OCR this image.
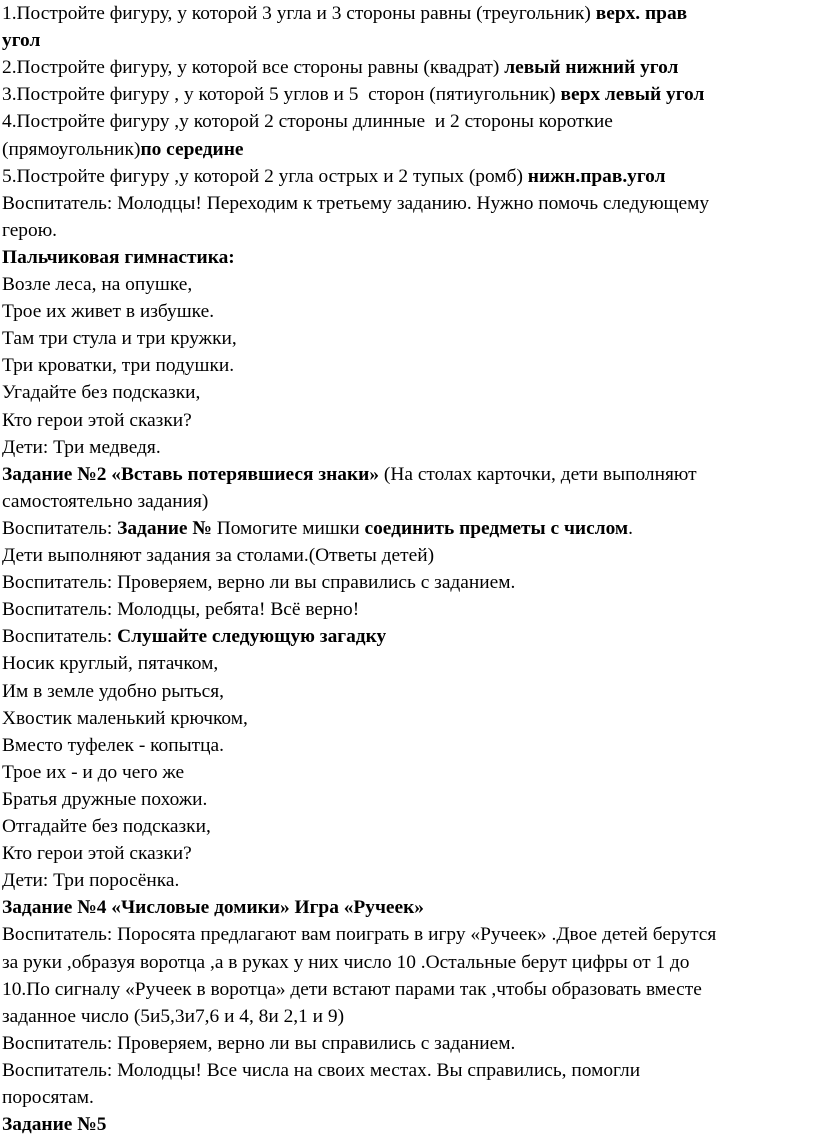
1.Постройте фигуру, у которой 3 угла и 3 стороны равны (треугольник) верх. прав
угол
2.Постройте фигуру, у которой все стороны равны (квадрат) левый нижний угол
3.Постройте фигуру , у которой 5 углов и 5  сторон (пятиугольник) верх левый угол
4.Постройте фигуру ,у которой 2 стороны длинные  и 2 стороны короткие
(прямоугольник)по середине
5.Постройте фигуру ,у которой 2 угла острых и 2 тупых (ромб) нижн.прав.угол
Воспитатель: Молодцы! Переходим к третьему заданию. Нужно помочь следующему
герою.
Пальчиковая гимнастика:
Возле леса, на опушке,
Трое их живет в избушке.
Там три стула и три кружки,
Три кроватки, три подушки.
Угадайте без подсказки,
Кто герои этой сказки?
Дети: Три медведя.
Задание №2 «Вставь потерявшиеся знаки» (На столах карточки, дети выполняют
самостоятельно задания)
Воспитатель: Задание № Помогите мишки соединить предметы с числом.
Дети выполняют задания за столами.(Ответы детей)
Воспитатель: Проверяем, верно ли вы справились с заданием.
Воспитатель: Молодцы, ребята! Всё верно!
Воспитатель: Слушайте следующую загадку
Носик круглый, пятачком,
Им в земле удобно рыться,
Хвостик маленький крючком,
Вместо туфелек - копытца.
Трое их - и до чего же
Братья дружные похожи.
Отгадайте без подсказки,
Кто герои этой сказки?
Дети: Три поросёнка.
Задание №4 «Числовые домики» Игра «Ручеек»
Воспитатель: Поросята предлагают вам поиграть в игру «Ручеек» .Двое детей берутся
за руки ,образуя воротца ,а в руках у них число 10 .Остальные берут цифры от 1 до
10.По сигналу «Ручеек в воротца» дети встают парами так ,чтобы образовать вместе
заданное число (5и5,3и7,6 и 4, 8и 2,1 и 9)
Воспитатель: Проверяем, верно ли вы справились с заданием.
Воспитатель: Молодцы! Все числа на своих местах. Вы справились, помогли
поросятам.
Задание №5
